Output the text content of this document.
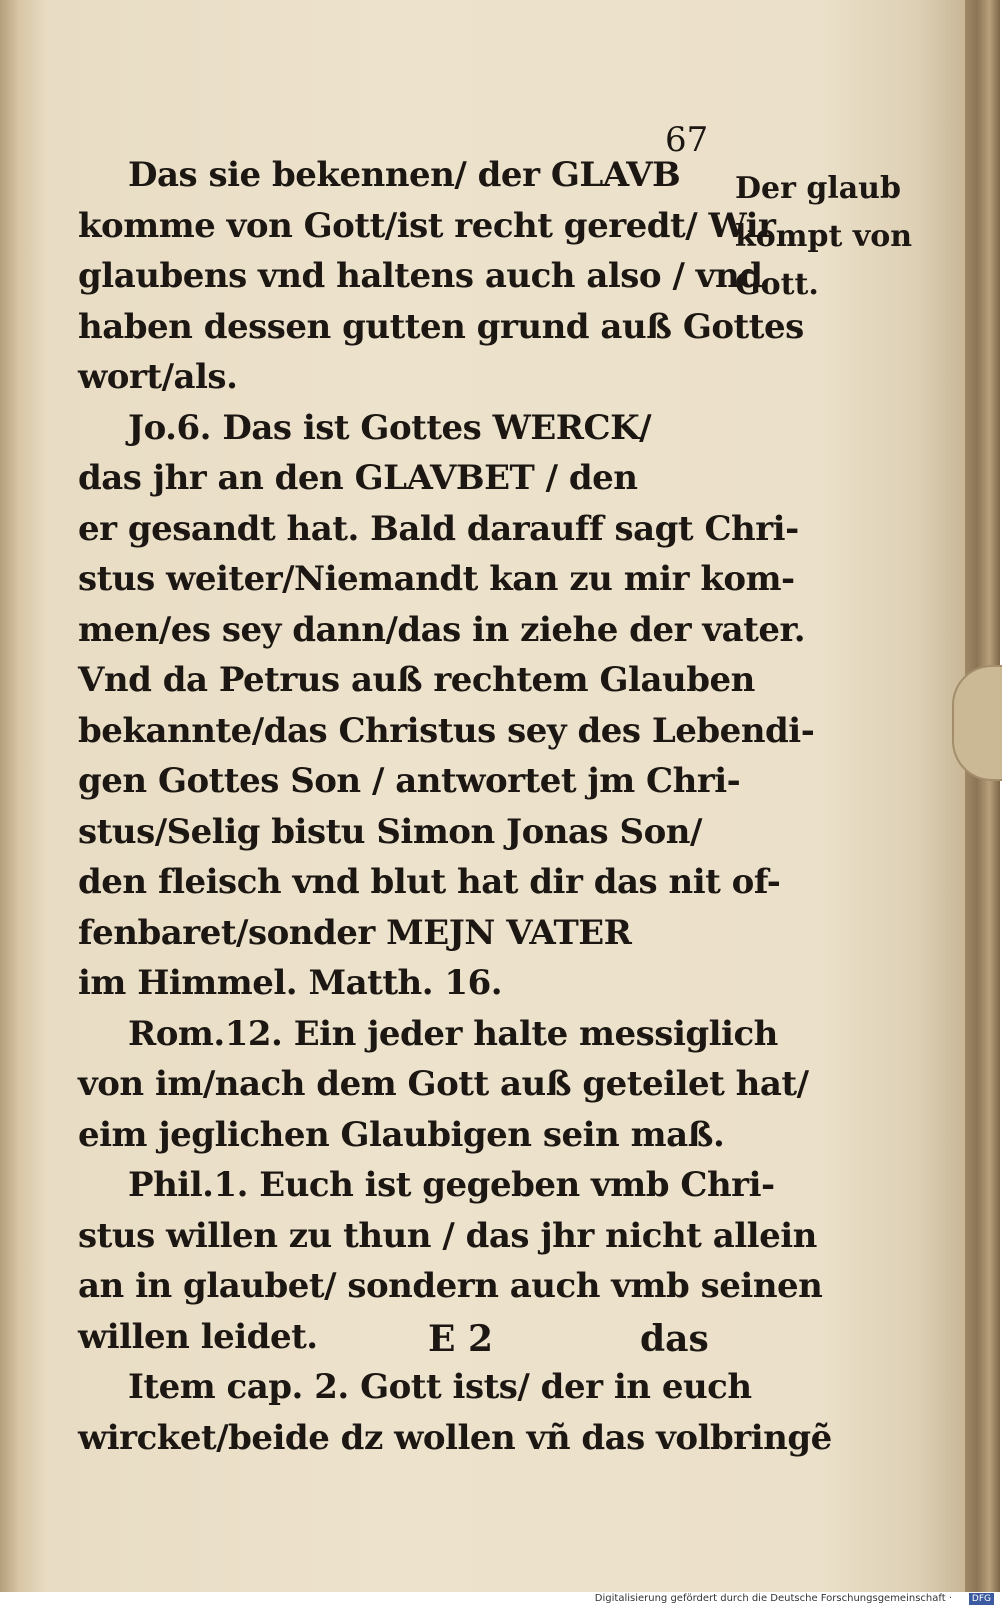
67
Der glaub
kompt von
Gott.
Das sie bekennen/ der GLAVB
komme von Gott/ist recht geredt/ Wir
glaubens vnd haltens auch also / vnd
haben dessen gutten grund auß Gottes
wort/als.
Jo.6. Das ist Gottes WERCK/
das jhr an den GLAVBET / den
er gesandt hat. Bald darauff sagt Chri-
stus weiter/Niemandt kan zu mir kom-
men/es sey dann/das in ziehe der vater.
Vnd da Petrus auß rechtem Glauben
bekannte/das Christus sey des Lebendi-
gen Gottes Son / antwortet jm Chri-
stus/Selig bistu Simon Jonas Son/
den fleisch vnd blut hat dir das nit of-
fenbaret/sonder MEJN VATER
im Himmel. Matth. 16.
Rom.12. Ein jeder halte messiglich
von im/nach dem Gott auß geteilet hat/
eim jeglichen Glaubigen sein maß.
Phil.1. Euch ist gegeben vmb Chri-
stus willen zu thun / das jhr nicht allein
an in glaubet/ sondern auch vmb seinen
willen leidet.
Item cap. 2. Gott ists/ der in euch
wircket/beide dz wollen vñ das volbringẽ
E 2	das
Digitalisierung gefördert durch die Deutsche Forschungsgemeinschaft ·	DFG
